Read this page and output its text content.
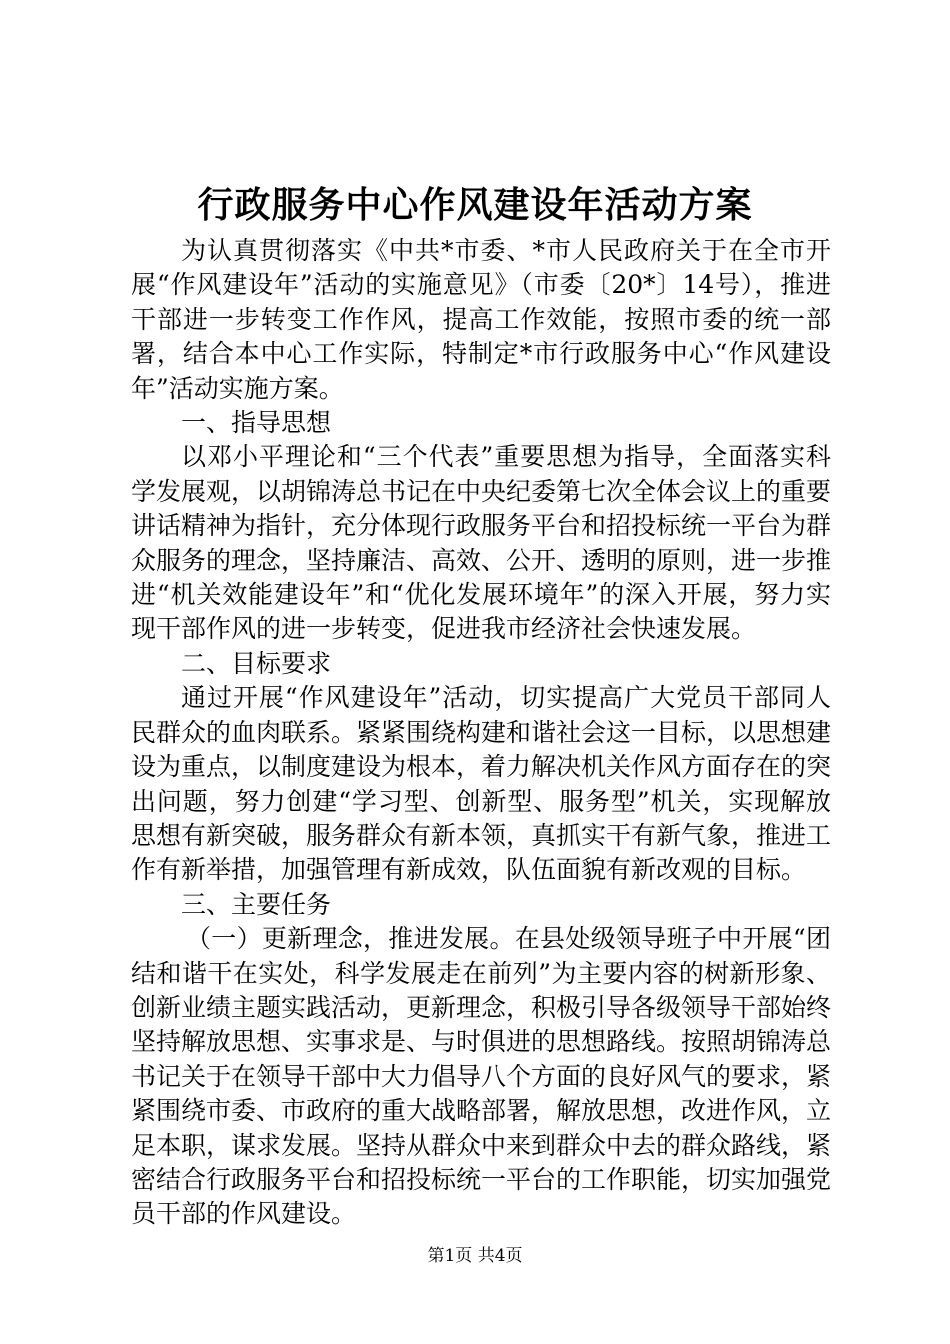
行政服务中心作风建设年活动方案

为认真贯彻落实《中共*市委、*市人民政府关于在全市开展“作风建设年”活动的实施意见》（市委〔20*〕14号），推进干部进一步转变工作作风，提高工作效能，按照市委的统一部署，结合本中心工作实际，特制定*市行政服务中心“作风建设年”活动实施方案。

一、指导思想

以邓小平理论和“三个代表”重要思想为指导，全面落实科学发展观，以胡锦涛总书记在中央纪委第七次全体会议上的重要讲话精神为指针，充分体现行政服务平台和招投标统一平台为群众服务的理念，坚持廉洁、高效、公开、透明的原则，进一步推进“机关效能建设年”和“优化发展环境年”的深入开展，努力实现干部作风的进一步转变，促进我市经济社会快速发展。

二、目标要求

通过开展“作风建设年”活动，切实提高广大党员干部同人民群众的血肉联系。紧紧围绕构建和谐社会这一目标，以思想建设为重点，以制度建设为根本，着力解决机关作风方面存在的突出问题，努力创建“学习型、创新型、服务型”机关，实现解放思想有新突破，服务群众有新本领，真抓实干有新气象，推进工作有新举措，加强管理有新成效，队伍面貌有新改观的目标。

三、主要任务

（一）更新理念，推进发展。在县处级领导班子中开展“团结和谐干在实处，科学发展走在前列”为主要内容的树新形象、创新业绩主题实践活动，更新理念，积极引导各级领导干部始终坚持解放思想、实事求是、与时俱进的思想路线。按照胡锦涛总书记关于在领导干部中大力倡导八个方面的良好风气的要求，紧紧围绕市委、市政府的重大战略部署，解放思想，改进作风，立足本职，谋求发展。坚持从群众中来到群众中去的群众路线，紧密结合行政服务平台和招投标统一平台的工作职能，切实加强党员干部的作风建设。

第1页 共4页
